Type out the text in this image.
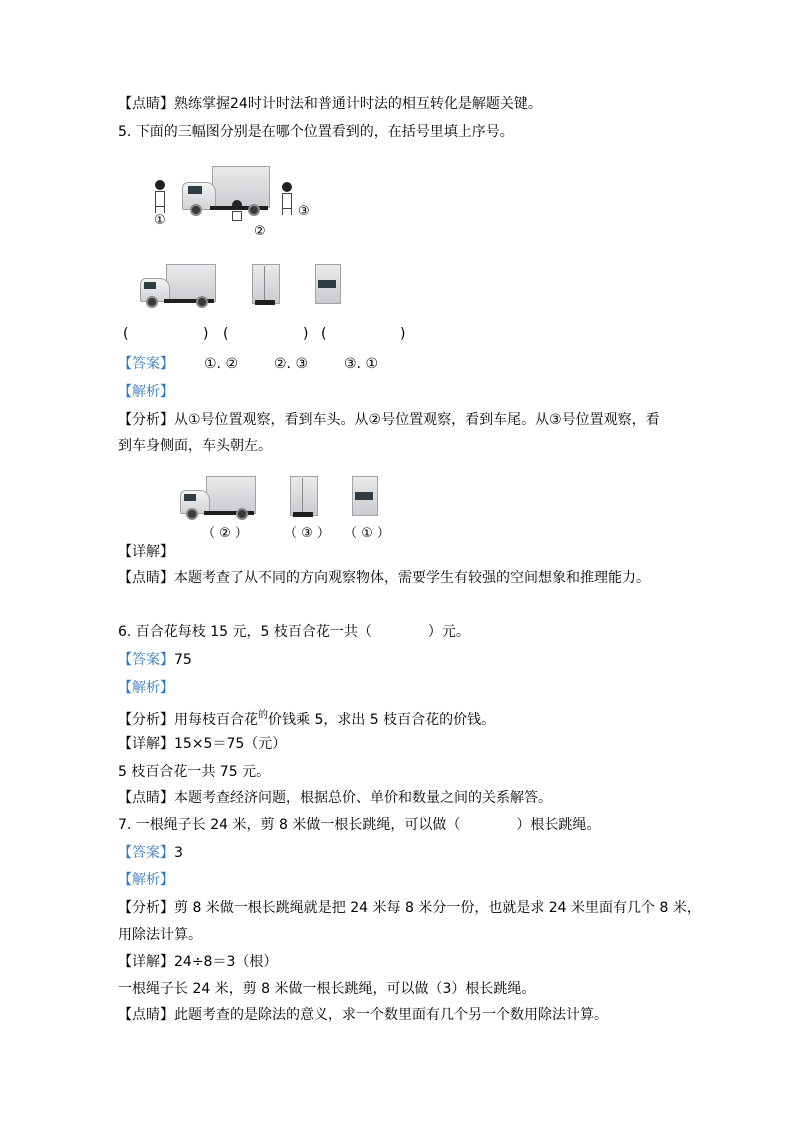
【点睛】熟练掌握24时计时法和普通计时法的相互转化是解题关键。
5. 下面的三幅图分别是在哪个位置看到的，在括号里填上序号。
①
②
③
(	) (	) (	)
【答案】 ①. ②	②. ③	③. ①
【解析】
【分析】从①号位置观察，看到车头。从②号位置观察，看到车尾。从③号位置观察，看
到车身侧面，车头朝左。
（ ② ）	（ ③ ） （ ① ）
【详解】
【点睛】本题考查了从不同的方向观察物体，需要学生有较强的空间想象和推理能力。
6. 百合花每枝 15 元，5 枝百合花一共（　　　　）元。
【答案】75
【解析】
【分析】用每枝百合花$^的$价钱乘 5，求出 5 枝百合花的价钱。
【详解】15×5＝75（元）
5 枝百合花一共 75 元。
【点睛】本题考查经济问题，根据总价、单价和数量之间的关系解答。
7. 一根绳子长 24 米，剪 8 米做一根长跳绳，可以做（　　　　）根长跳绳。
【答案】3
【解析】
【分析】剪 8 米做一根长跳绳就是把 24 米每 8 米分一份，也就是求 24 米里面有几个 8 米，
用除法计算。
【详解】24÷8＝3（根）
一根绳子长 24 米，剪 8 米做一根长跳绳，可以做（3）根长跳绳。
【点睛】此题考查的是除法的意义，求一个数里面有几个另一个数用除法计算。
